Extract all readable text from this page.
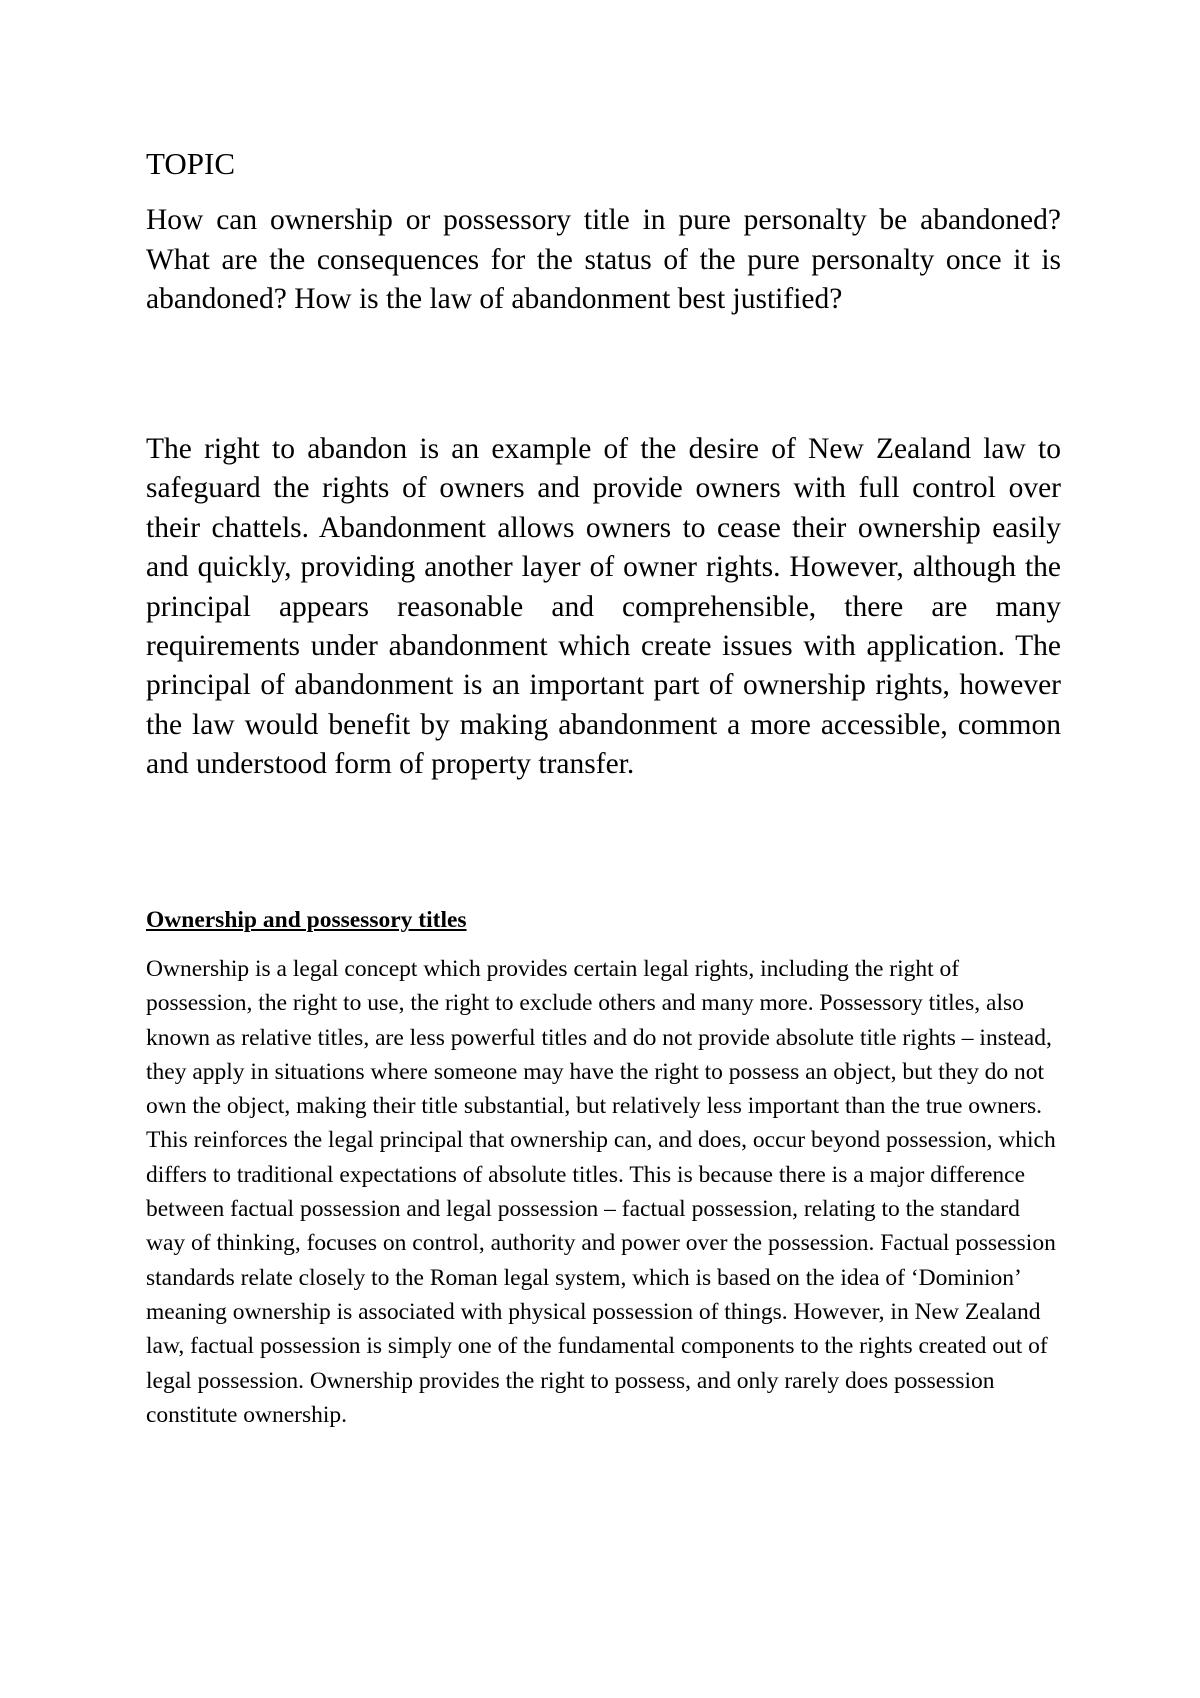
TOPIC

How can ownership or possessory title in pure personalty be abandoned? What are the consequences for the status of the pure personalty once it is abandoned? How is the law of abandonment best justified?

The right to abandon is an example of the desire of New Zealand law to safeguard the rights of owners and provide owners with full control over their chattels. Abandonment allows owners to cease their ownership easily and quickly, providing another layer of owner rights. However, although the principal appears reasonable and comprehensible, there are many requirements under abandonment which create issues with application. The principal of abandonment is an important part of ownership rights, however the law would benefit by making abandonment a more accessible, common and understood form of property transfer.

Ownership and possessory titles

Ownership is a legal concept which provides certain legal rights, including the right of possession, the right to use, the right to exclude others and many more. Possessory titles, also known as relative titles, are less powerful titles and do not provide absolute title rights – instead, they apply in situations where someone may have the right to possess an object, but they do not own the object, making their title substantial, but relatively less important than the true owners. This reinforces the legal principal that ownership can, and does, occur beyond possession, which differs to traditional expectations of absolute titles. This is because there is a major difference between factual possession and legal possession – factual possession, relating to the standard way of thinking, focuses on control, authority and power over the possession. Factual possession standards relate closely to the Roman legal system, which is based on the idea of ‘Dominion’ meaning ownership is associated with physical possession of things. However, in New Zealand law, factual possession is simply one of the fundamental components to the rights created out of legal possession. Ownership provides the right to possess, and only rarely does possession constitute ownership.
